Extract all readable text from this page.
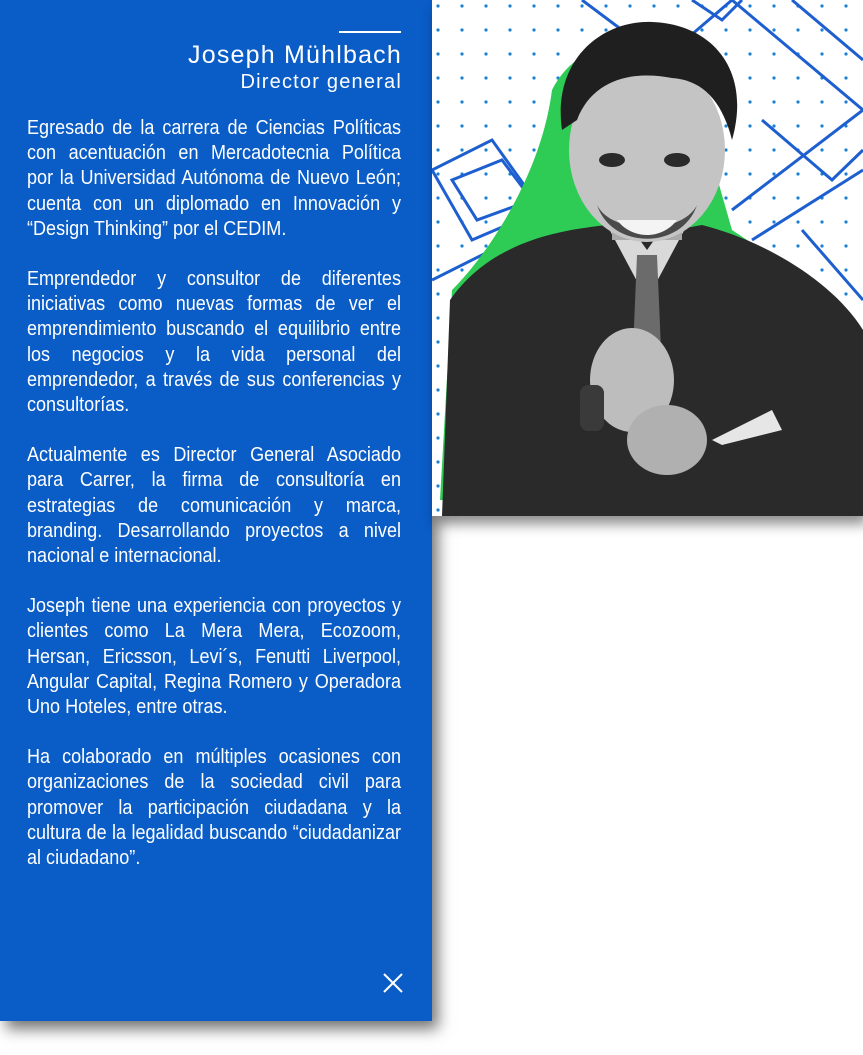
Joseph Mühlbach
Director general

Egresado de la carrera de Ciencias Políticas con acentuación en Mercadotecnia Política por la Universidad Autónoma de Nuevo León; cuenta con un diplomado en Innovación y “Design Thinking” por el CEDIM.

Emprendedor y consultor de diferentes iniciativas como nuevas formas de ver el emprendimiento buscando el equilibrio entre los negocios y la vida personal del emprendedor, a través de sus conferencias y consultorías.

Actualmente es Director General Asociado para Carrer, la firma de consultoría en estrategias de comunicación y marca, branding. Desarrollando proyectos a nivel nacional e internacional.

Joseph tiene una experiencia con proyectos y clientes como La Mera Mera, Ecozoom, Hersan, Ericsson, Levi´s, Fenutti Liverpool, Angular Capital, Regina Romero y Operadora Uno Hoteles, entre otras.

Ha colaborado en múltiples ocasiones con organizaciones de la sociedad civil para promover la participación ciudadana y la cultura de la legalidad buscando “ciudadanizar al ciudadano”.
